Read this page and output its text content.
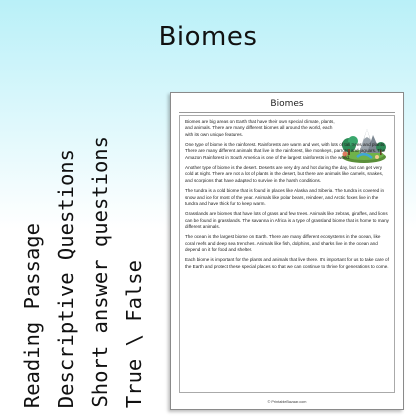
Biomes
Reading Passage Descriptive Questions Short answer questions True \ False
Biomes

Biomes are big areas on Earth that have their own special climate, plants, and animals. There are many different biomes all around the world, each with its own unique features.

One type of biome is the rainforest. Rainforests are warm and wet, with lots of tall trees and plants. There are many different animals that live in the rainforest, like monkeys, parrots, and jaguars. The Amazon Rainforest in South America is one of the largest rainforests in the world.

Another type of biome is the desert. Deserts are very dry and hot during the day, but can get very cold at night. There are not a lot of plants in the desert, but there are animals like camels, snakes, and scorpions that have adapted to survive in the harsh conditions.

The tundra is a cold biome that is found in places like Alaska and Siberia. The tundra is covered in snow and ice for most of the year. Animals like polar bears, reindeer, and Arctic foxes live in the tundra and have thick fur to keep warm.

Grasslands are biomes that have lots of grass and few trees. Animals like zebras, giraffes, and lions can be found in grasslands. The savanna in Africa is a type of grassland biome that is home to many different animals.

The ocean is the largest biome on Earth. There are many different ecosystems in the ocean, like coral reefs and deep sea trenches. Animals like fish, dolphins, and sharks live in the ocean and depend on it for food and shelter.

Each biome is important for the plants and animals that live there. It's important for us to take care of the Earth and protect these special places so that we can continue to thrive for generations to come.

© PrintableBazaar.com
